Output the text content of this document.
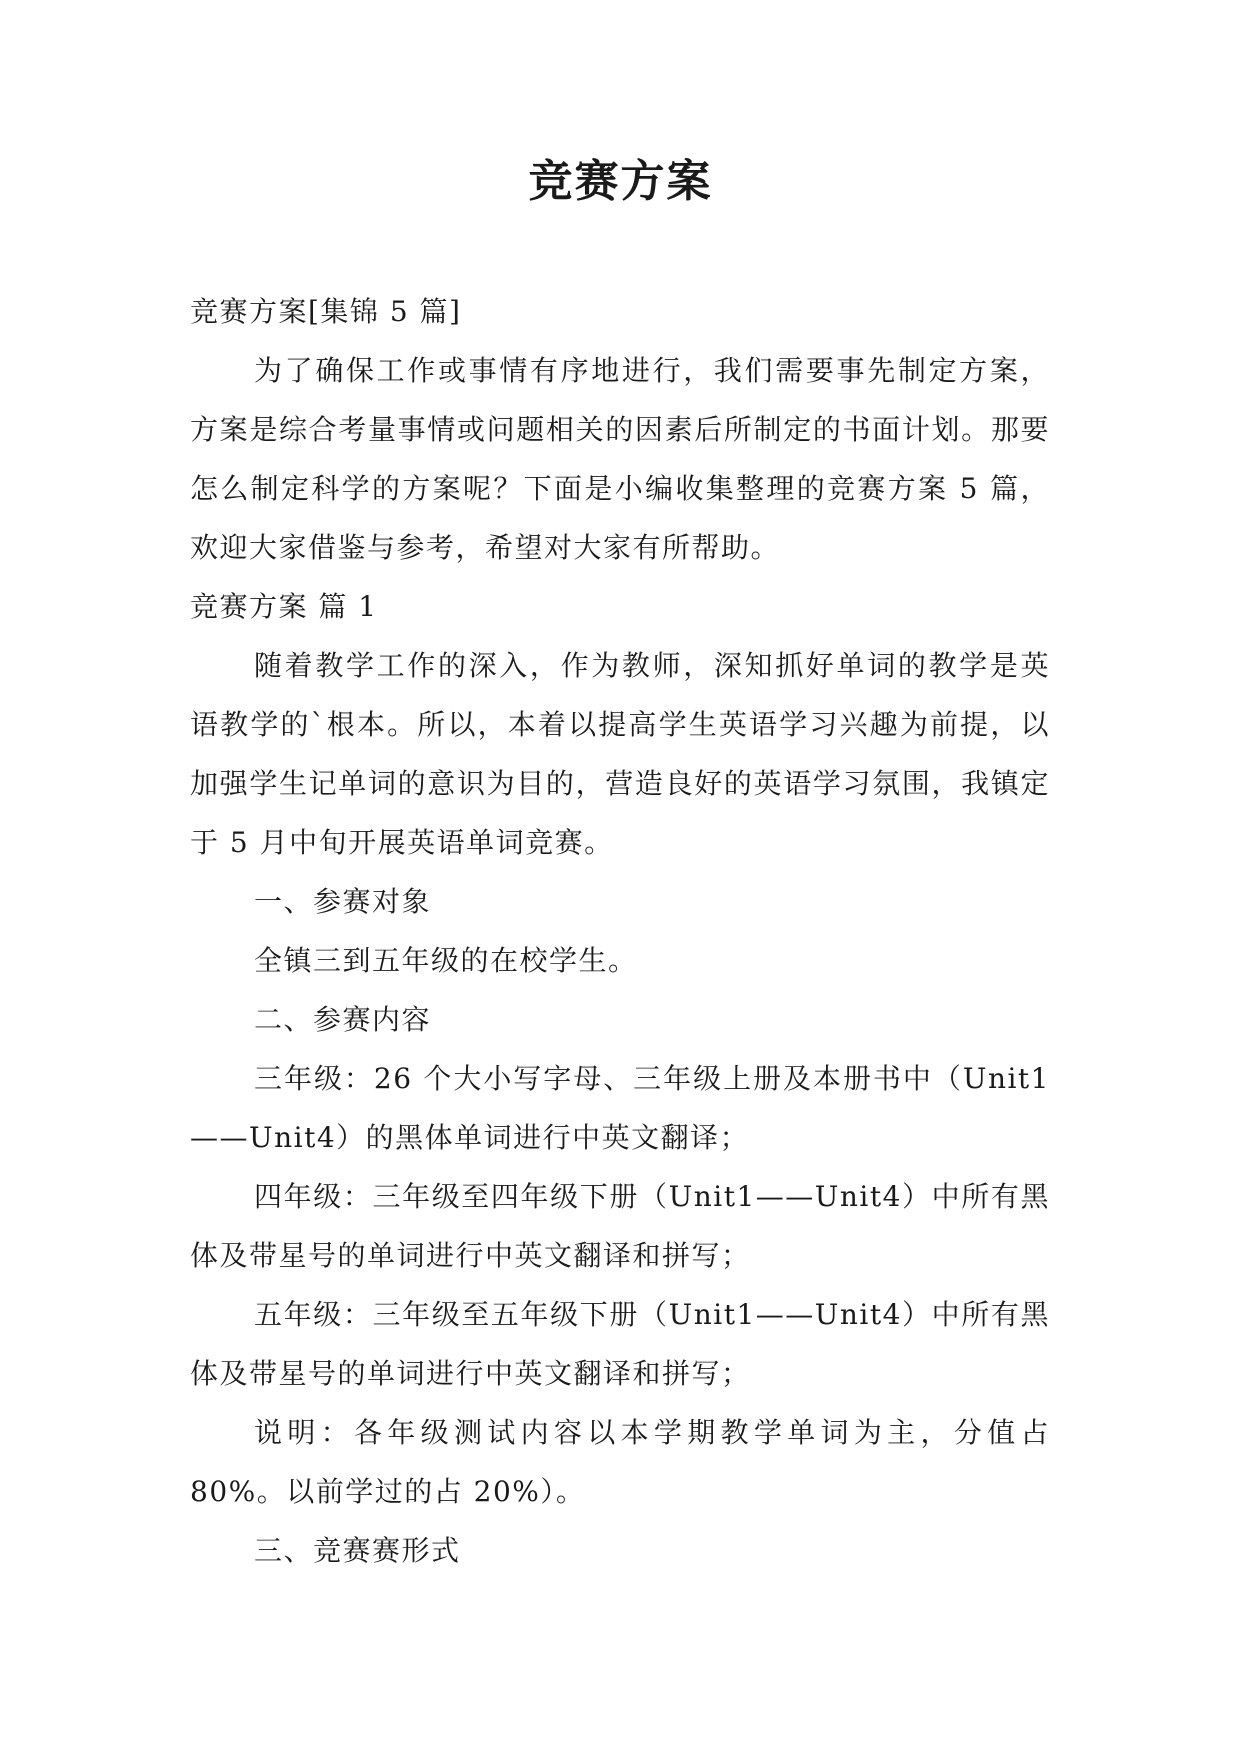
竞赛方案
竞赛方案[集锦 5 篇]

为了确保工作或事情有序地进行，我们需要事先制定方案，方案是综合考量事情或问题相关的因素后所制定的书面计划。那要怎么制定科学的方案呢？下面是小编收集整理的竞赛方案 5 篇，欢迎大家借鉴与参考，希望对大家有所帮助。

竞赛方案 篇 1

随着教学工作的深入，作为教师，深知抓好单词的教学是英语教学的`根本。所以，本着以提高学生英语学习兴趣为前提，以加强学生记单词的意识为目的，营造良好的英语学习氛围，我镇定于 5 月中旬开展英语单词竞赛。

一、参赛对象
全镇三到五年级的在校学生。
二、参赛内容

三年级：26 个大小写字母、三年级上册及本册书中（Unit1——Unit4）的黑体单词进行中英文翻译；

四年级：三年级至四年级下册（Unit1——Unit4）中所有黑体及带星号的单词进行中英文翻译和拼写；

五年级：三年级至五年级下册（Unit1——Unit4）中所有黑体及带星号的单词进行中英文翻译和拼写；

说明：各年级测试内容以本学期教学单词为主，分值占 80%。以前学过的占 20%）。

三、竞赛赛形式
